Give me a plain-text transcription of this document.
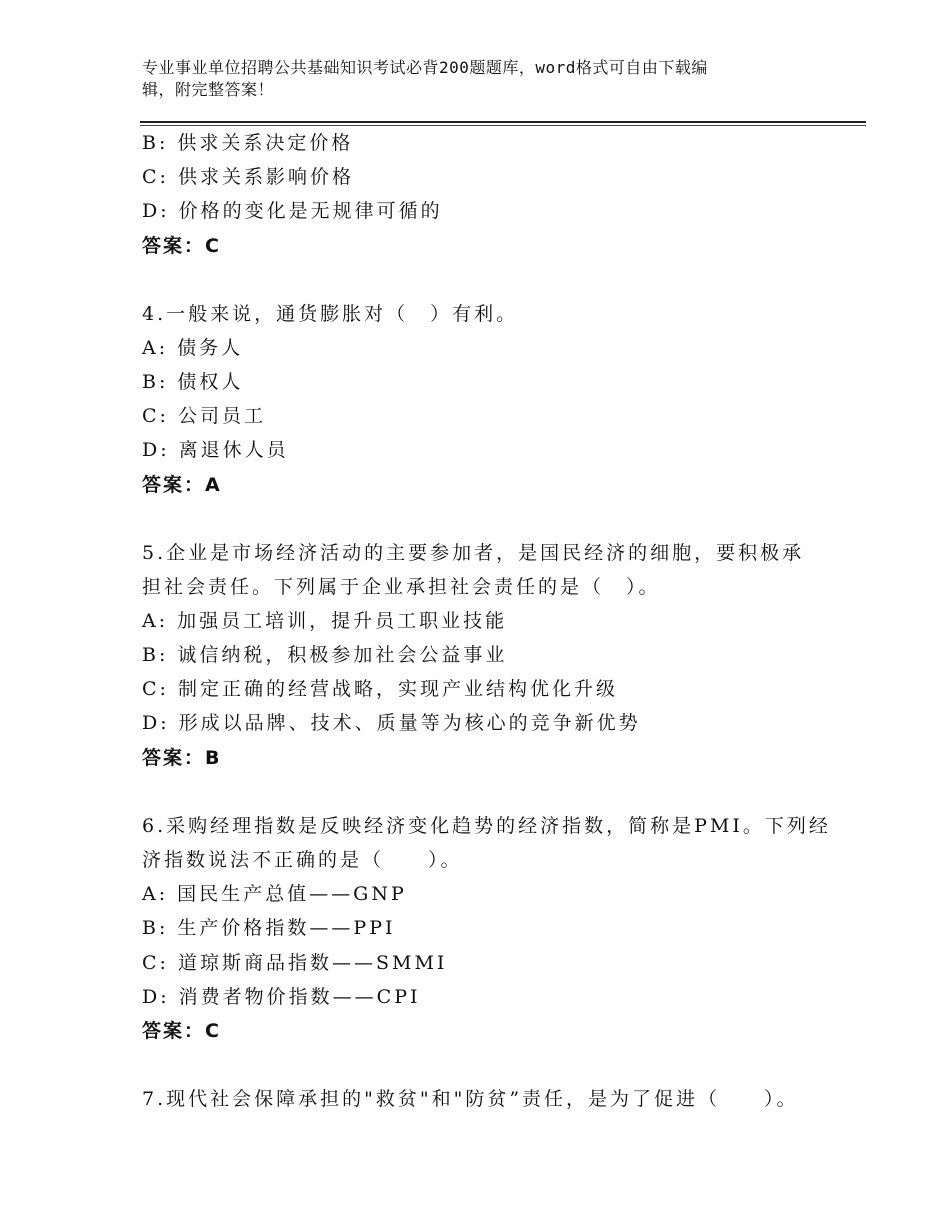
专业事业单位招聘公共基础知识考试必背200题题库，word格式可自由下载编
辑，附完整答案！
B: 供求关系决定价格
C: 供求关系影响价格
D: 价格的变化是无规律可循的
答案：C
4.一般来说，通货膨胀对（　）有利。
A: 债务人
B: 债权人
C: 公司员工
D: 离退休人员
答案：A
5.企业是市场经济活动的主要参加者，是国民经济的细胞，要积极承
担社会责任。下列属于企业承担社会责任的是（　）。
A: 加强员工培训，提升员工职业技能
B: 诚信纳税，积极参加社会公益事业
C: 制定正确的经营战略，实现产业结构优化升级
D: 形成以品牌、技术、质量等为核心的竞争新优势
答案：B
6.采购经理指数是反映经济变化趋势的经济指数，简称是PMI。下列经
济指数说法不正确的是（　　）。
A: 国民生产总值——GNP
B: 生产价格指数——PPI
C: 道琼斯商品指数——SMMI
D: 消费者物价指数——CPI
答案：C
7.现代社会保障承担的"救贫"和"防贫”责任，是为了促进（　　）。
